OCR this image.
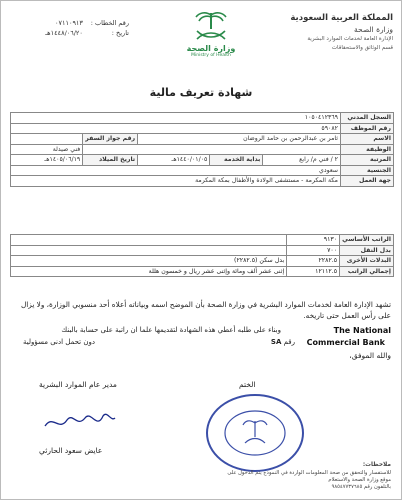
المملكة العربية السعودية
وزارة الصحة
الإدارة العامة لخدمات الموارد البشرية
قسم الوثائق والاستحقاقات
وزارة الصحة
Ministry of Health
رقم الخطاب : ٠٧١١٠٩١٣
تاريخ : ١٤٤٨/٠٦/٢٠هـ
شهادة تعريف مالية
السجل المدني	١٠٥٠٤١٢٣٦٩				
رقم الموظف	٥٩٠٨٢				
الاسم	ثامر بن عبدالرحمن بن حامد الروضان			رقم جواز السفر	
الوظيفة					فني صيدلة
المرتبة	٢ / فني م/ رابع	بداية الخدمة	١٤٤٠/٠١/٠٥هـ	تاريخ الميلاد	١٤٠٥/٠٦/١٩هـ
الجنسية	سعودي				
جهة العمل	مكة المكرمة - مستشفى الولادة والأطفال بمكة المكرمة				
الراتب الأساسي	٩١٣٠	
بدل النقل	٧٠٠	
البدلات الأخرى	٢٢٨٢.٥	بدل سكن (٢٢٨٢.٥)
إجمالي الراتب	١٢١١٢.٥	إثنى عشر ألف ومائة وإثنى عشر ريال و خمسون هللة

تشهد الإدارة العامة لخدمات الموارد البشرية في وزارة الصحة بأن الموضح اسمه وبياناته أعلاه أحد منسوبي الوزارة، ولا يزال على رأس العمل حتى تاريخه.

The National
وبناء على طلبه أعطي هذه الشهادة لتقديمها علما ان راتبة على حسابة بالبنك
Commercial Bank
رقم SA
دون تحمل ادنى مسؤولية
والله الموفق،
الختم
مدير عام الموارد البشرية
عايض سعود الحارثي
ملاحظات:
للاستفسار والتحقق من صحة المعلومات الواردة في النموذج يتم الدخول على موقع وزارة الصحة والاستعلام
بالتلفون رقم ٩٨٥٤٧٧٣٧٦٨٥
